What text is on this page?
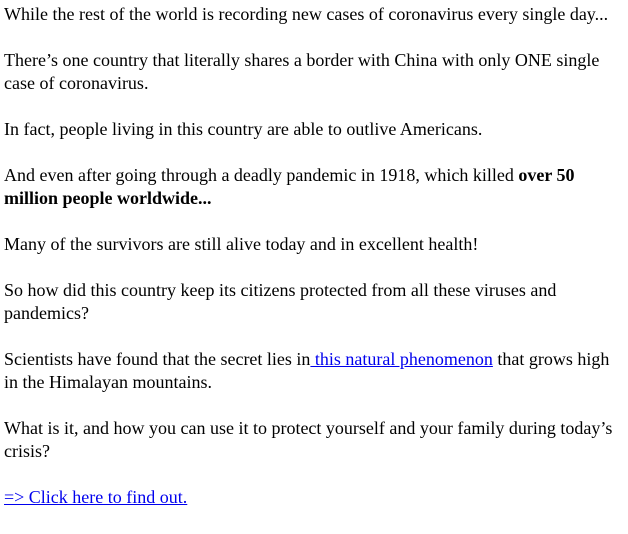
While the rest of the world is recording new cases of coronavirus every single day...

There’s one country that literally shares a border with China with only ONE single case of coronavirus.

In fact, people living in this country are able to outlive Americans.

And even after going through a deadly pandemic in 1918, which killed over 50 million people worldwide...

Many of the survivors are still alive today and in excellent health!

So how did this country keep its citizens protected from all these viruses and pandemics?

Scientists have found that the secret lies in this natural phenomenon that grows high in the Himalayan mountains.

What is it, and how you can use it to protect yourself and your family during today’s crisis?

=> Click here to find out.
